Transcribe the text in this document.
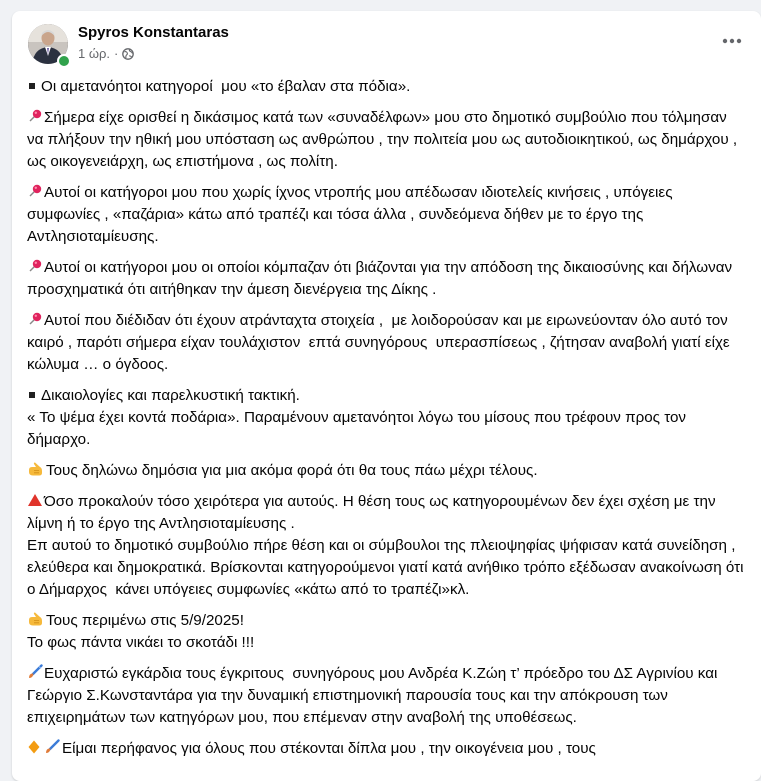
Spyros Konstantaras
1 ώρ. ·

Οι αμετανόητοι κατηγοροί  μου «το έβαλαν στα πόδια».

Σήμερα είχε ορισθεί η δικάσιμος κατά των «συναδέλφων» μου στο δημοτικό συμβούλιο που τόλμησαν να πλήξουν την ηθική μου υπόσταση ως ανθρώπου , την πολιτεία μου ως αυτοδιοικητικού, ως δημάρχου , ως οικογενειάρχη, ως επιστήμονα , ως πολίτη.

Αυτοί οι κατήγοροι μου που χωρίς ίχνος ντροπής μου απέδωσαν ιδιοτελείς κινήσεις , υπόγειες συμφωνίες , «παζάρια» κάτω από τραπέζι και τόσα άλλα , συνδεόμενα δήθεν με το έργο της Αντλησιοταμίευσης.

Αυτοί οι κατήγοροι μου οι οποίοι κόμπαζαν ότι βιάζονται για την απόδοση της δικαιοσύνης και δήλωναν προσχηματικά ότι αιτήθηκαν την άμεση διενέργεια της Δίκης .

Αυτοί που διέδιδαν ότι έχουν ατράνταχτα στοιχεία ,  με λοιδορούσαν και με ειρωνεύονταν όλο αυτό τον καιρό , παρότι σήμερα είχαν τουλάχιστον  επτά συνηγόρους  υπερασπίσεως , ζήτησαν αναβολή γιατί είχε κώλυμα … ο όγδοος.

Δικαιολογίες και παρελκυστική τακτική.
« Το ψέμα έχει κοντά ποδάρια». Παραμένουν αμετανόητοι λόγω του μίσους που τρέφουν προς τον δήμαρχο.

Τους δηλώνω δημόσια για μια ακόμα φορά ότι θα τους πάω μέχρι τέλους.

Όσο προκαλούν τόσο χειρότερα για αυτούς. Η θέση τους ως κατηγορουμένων δεν έχει σχέση με την λίμνη ή το έργο της Αντλησιοταμίευσης .
Επ αυτού το δημοτικό συμβούλιο πήρε θέση και οι σύμβουλοι της πλειοψηφίας ψήφισαν κατά συνείδηση , ελεύθερα και δημοκρατικά. Βρίσκονται κατηγορούμενοι γιατί κατά ανήθικο τρόπο εξέδωσαν ανακοίνωση ότι ο Δήμαρχος  κάνει υπόγειες συμφωνίες «κάτω από το τραπέζι»κλ.

Τους περιμένω στις 5/9/2025!
Το φως πάντα νικάει το σκοτάδι !!!

Ευχαριστώ εγκάρδια τους έγκριτους  συνηγόρους μου Ανδρέα Κ.Ζώη τ’ πρόεδρο του ΔΣ Αγρινίου και Γεώργιο Σ.Κωνσταντάρα για την δυναμική επιστημονική παρουσία τους και την απόκρουση των επιχειρημάτων των κατηγόρων μου, που επέμεναν στην αναβολή της υποθέσεως.

Είμαι περήφανος για όλους που στέκονται δίπλα μου , την οικογένεια μου , τους
